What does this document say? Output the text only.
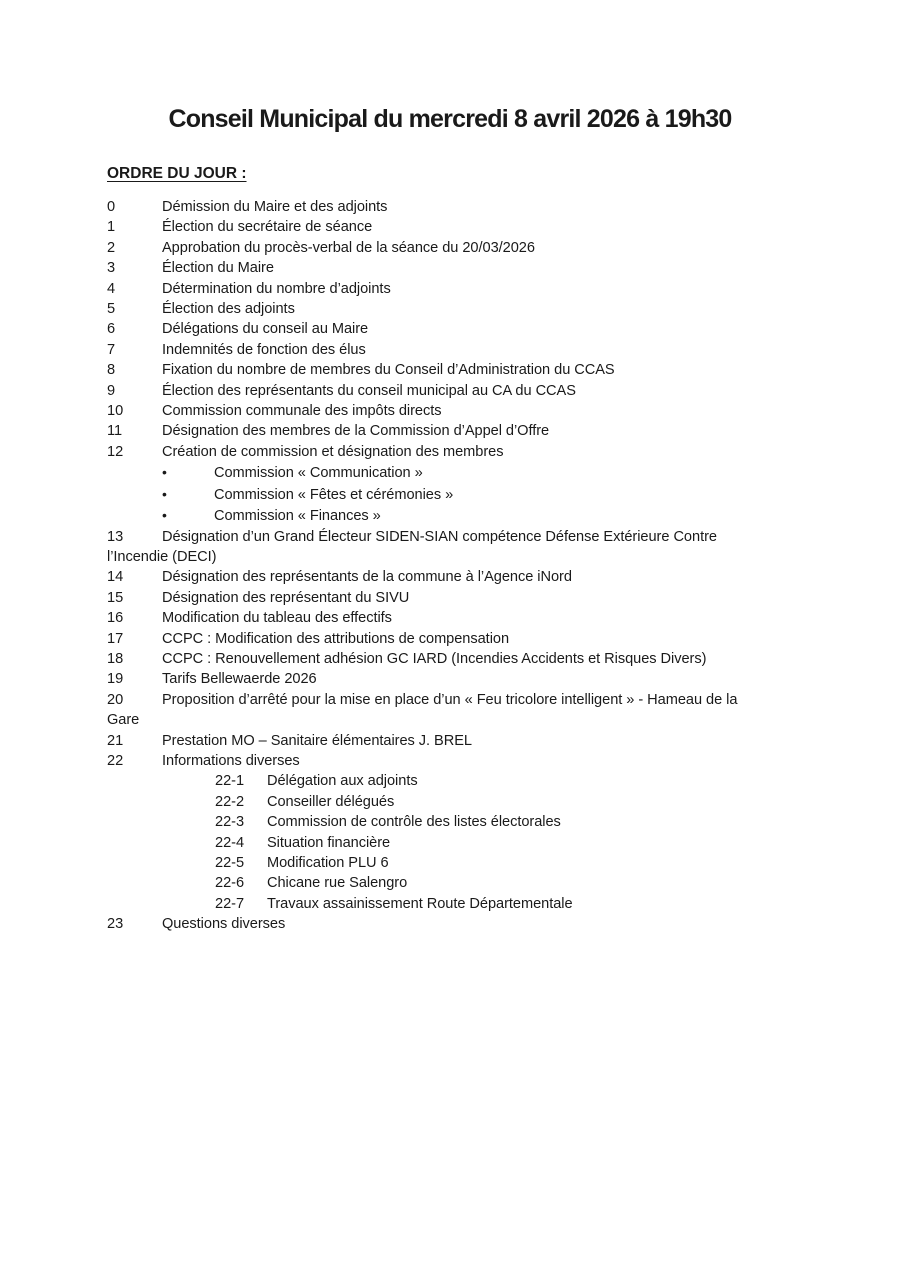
Conseil Municipal du mercredi 8 avril 2026 à 19h30
ORDRE DU JOUR :
0	Démission du Maire et des adjoints
1	Élection du secrétaire de séance
2	Approbation du procès-verbal de la séance du 20/03/2026
3	Élection du Maire
4	Détermination du nombre d’adjoints
5	Élection des adjoints
6	Délégations du conseil au Maire
7	Indemnités de fonction des élus
8	Fixation du nombre de membres du Conseil d’Administration du CCAS
9	Élection des représentants du conseil municipal au CA du CCAS
10	Commission communale des impôts directs
11	Désignation des membres de la Commission d’Appel d’Offre
12	Création de commission et désignation des membres
•	Commission « Communication »
•	Commission « Fêtes et cérémonies »
•	Commission « Finances »
13	Désignation d’un Grand Électeur SIDEN-SIAN compétence Défense Extérieure Contre
l’Incendie (DECI)
14	Désignation des représentants de la commune à l’Agence iNord
15	Désignation des représentant du SIVU
16	Modification du tableau des effectifs
17	CCPC : Modification des attributions de compensation
18	CCPC : Renouvellement adhésion GC IARD (Incendies Accidents et Risques Divers)
19	Tarifs Bellewaerde 2026
20	Proposition d’arrêté pour la mise en place d’un « Feu tricolore intelligent » - Hameau de la
Gare
21	Prestation MO – Sanitaire élémentaires J. BREL
22	Informations diverses
22-1 Délégation aux adjoints
22-2 Conseiller délégués
22-3 Commission de contrôle des listes électorales
22-4 Situation financière
22-5 Modification PLU 6
22-6 Chicane rue Salengro
22-7 Travaux assainissement Route Départementale
23	Questions diverses
